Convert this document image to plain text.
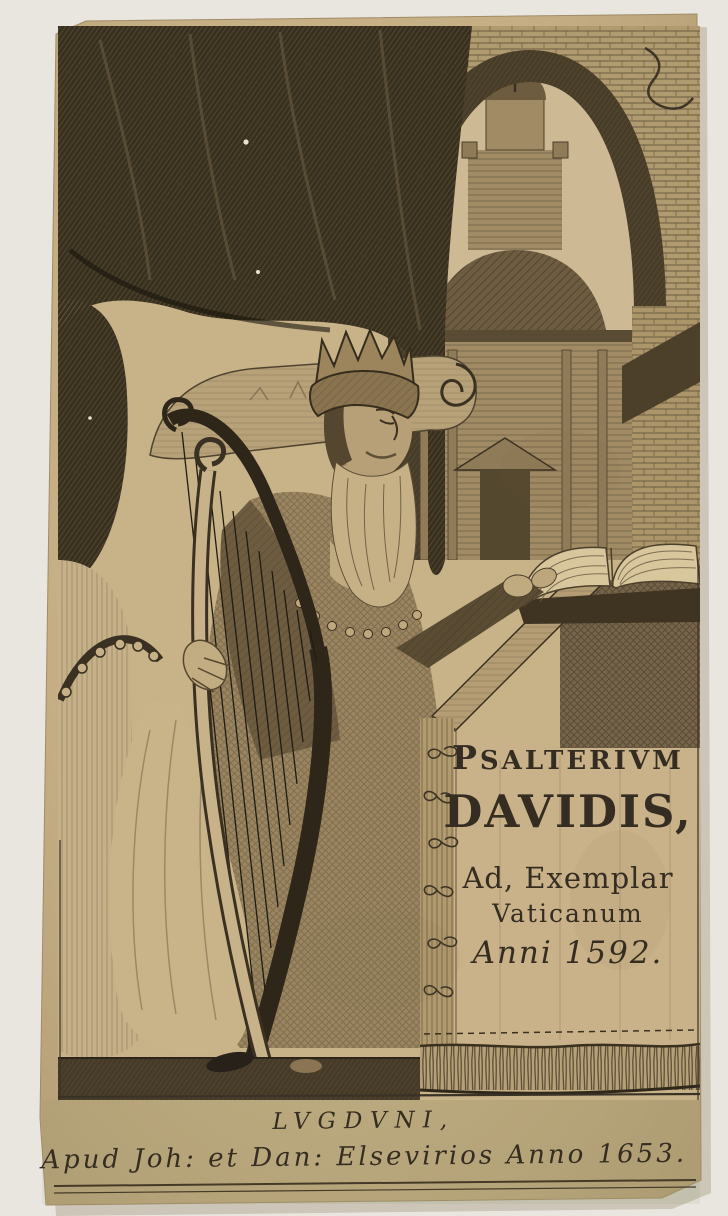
PSALTERIVM
DAVIDIS,
Ad, Exemplar
Vaticanum
Anni 1592.
LVGDVNI,
Apud Joh: et Dan: Elsevirios Anno 1653.
